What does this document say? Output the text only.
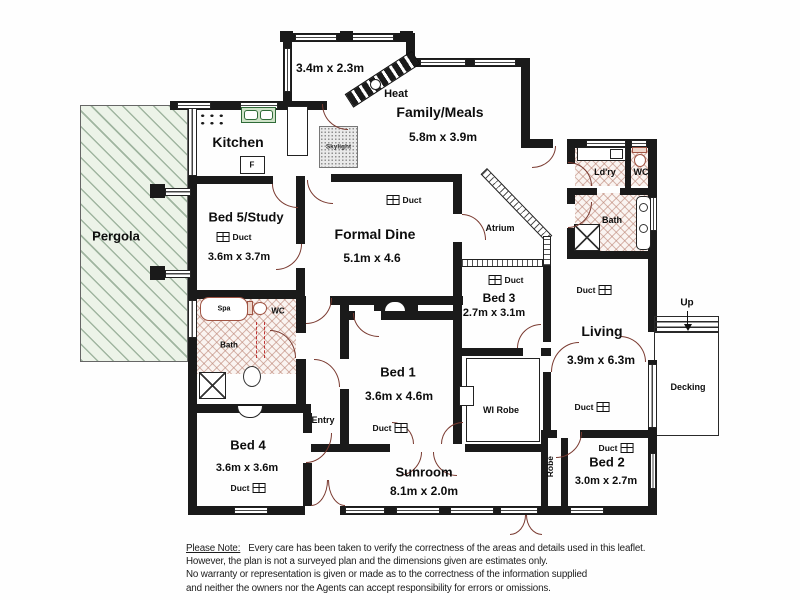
Skylight
3.4m x 2.3m
Heat
Family/Meals
5.8m x 3.9m
Kitchen
F
Pergola
Bed 5/Study
3.6m x 3.7m
Formal Dine
5.1m x 4.6
Atrium
Bed 3
2.7m x 3.1m
Ld'ry WC
Bath
Living
3.9m x 6.3m
Up
Decking
Bed 1
3.6m x 4.6m
WI Robe
Spa	WC
Bath
Entry
Bed 4
3.6m x 3.6m	Sunroom
8.1m x 2.0m
Robe	Bed 2
3.0m x 2.7m
Duct
Duct
Duct
Duct
Duct
Duct
Duct
Duct
Please Note: Every care has been taken to verify the correctness of the areas and details used in this leaflet.
However, the plan is not a surveyed plan and the dimensions given are estimates only.
No warranty or representation is given or made as to the correctness of the information supplied
and neither the owners nor the Agents can accept responsibility for errors or omissions.
